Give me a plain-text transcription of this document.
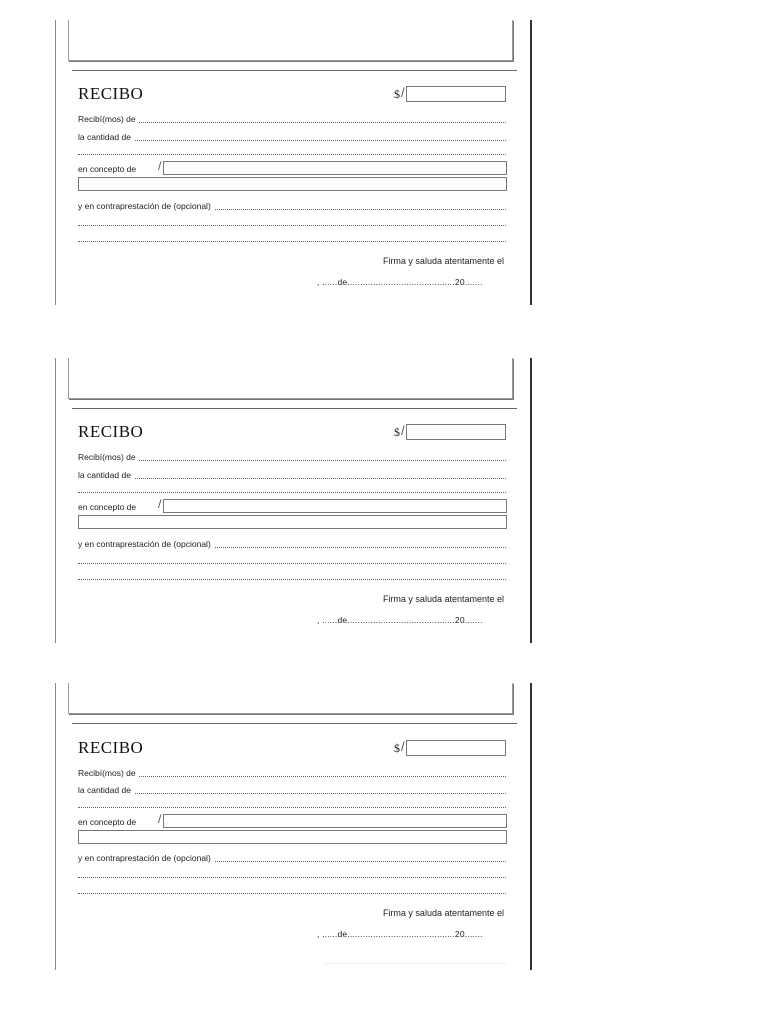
RECIBO	$ /
Recibí(mos) de
la cantidad de
en concepto de /
y en contraprestación de (opcional)
Firma y saluda atentamente el
, ......de..........................................20.......
RECIBO	$ /
Recibí(mos) de
la cantidad de
en concepto de /
y en contraprestación de (opcional)
Firma y saluda atentamente el
, ......de..........................................20.......
RECIBO	$ /
Recibí(mos) de
la cantidad de
en concepto de /
y en contraprestación de (opcional)
Firma y saluda atentamente el
, ......de..........................................20.......
